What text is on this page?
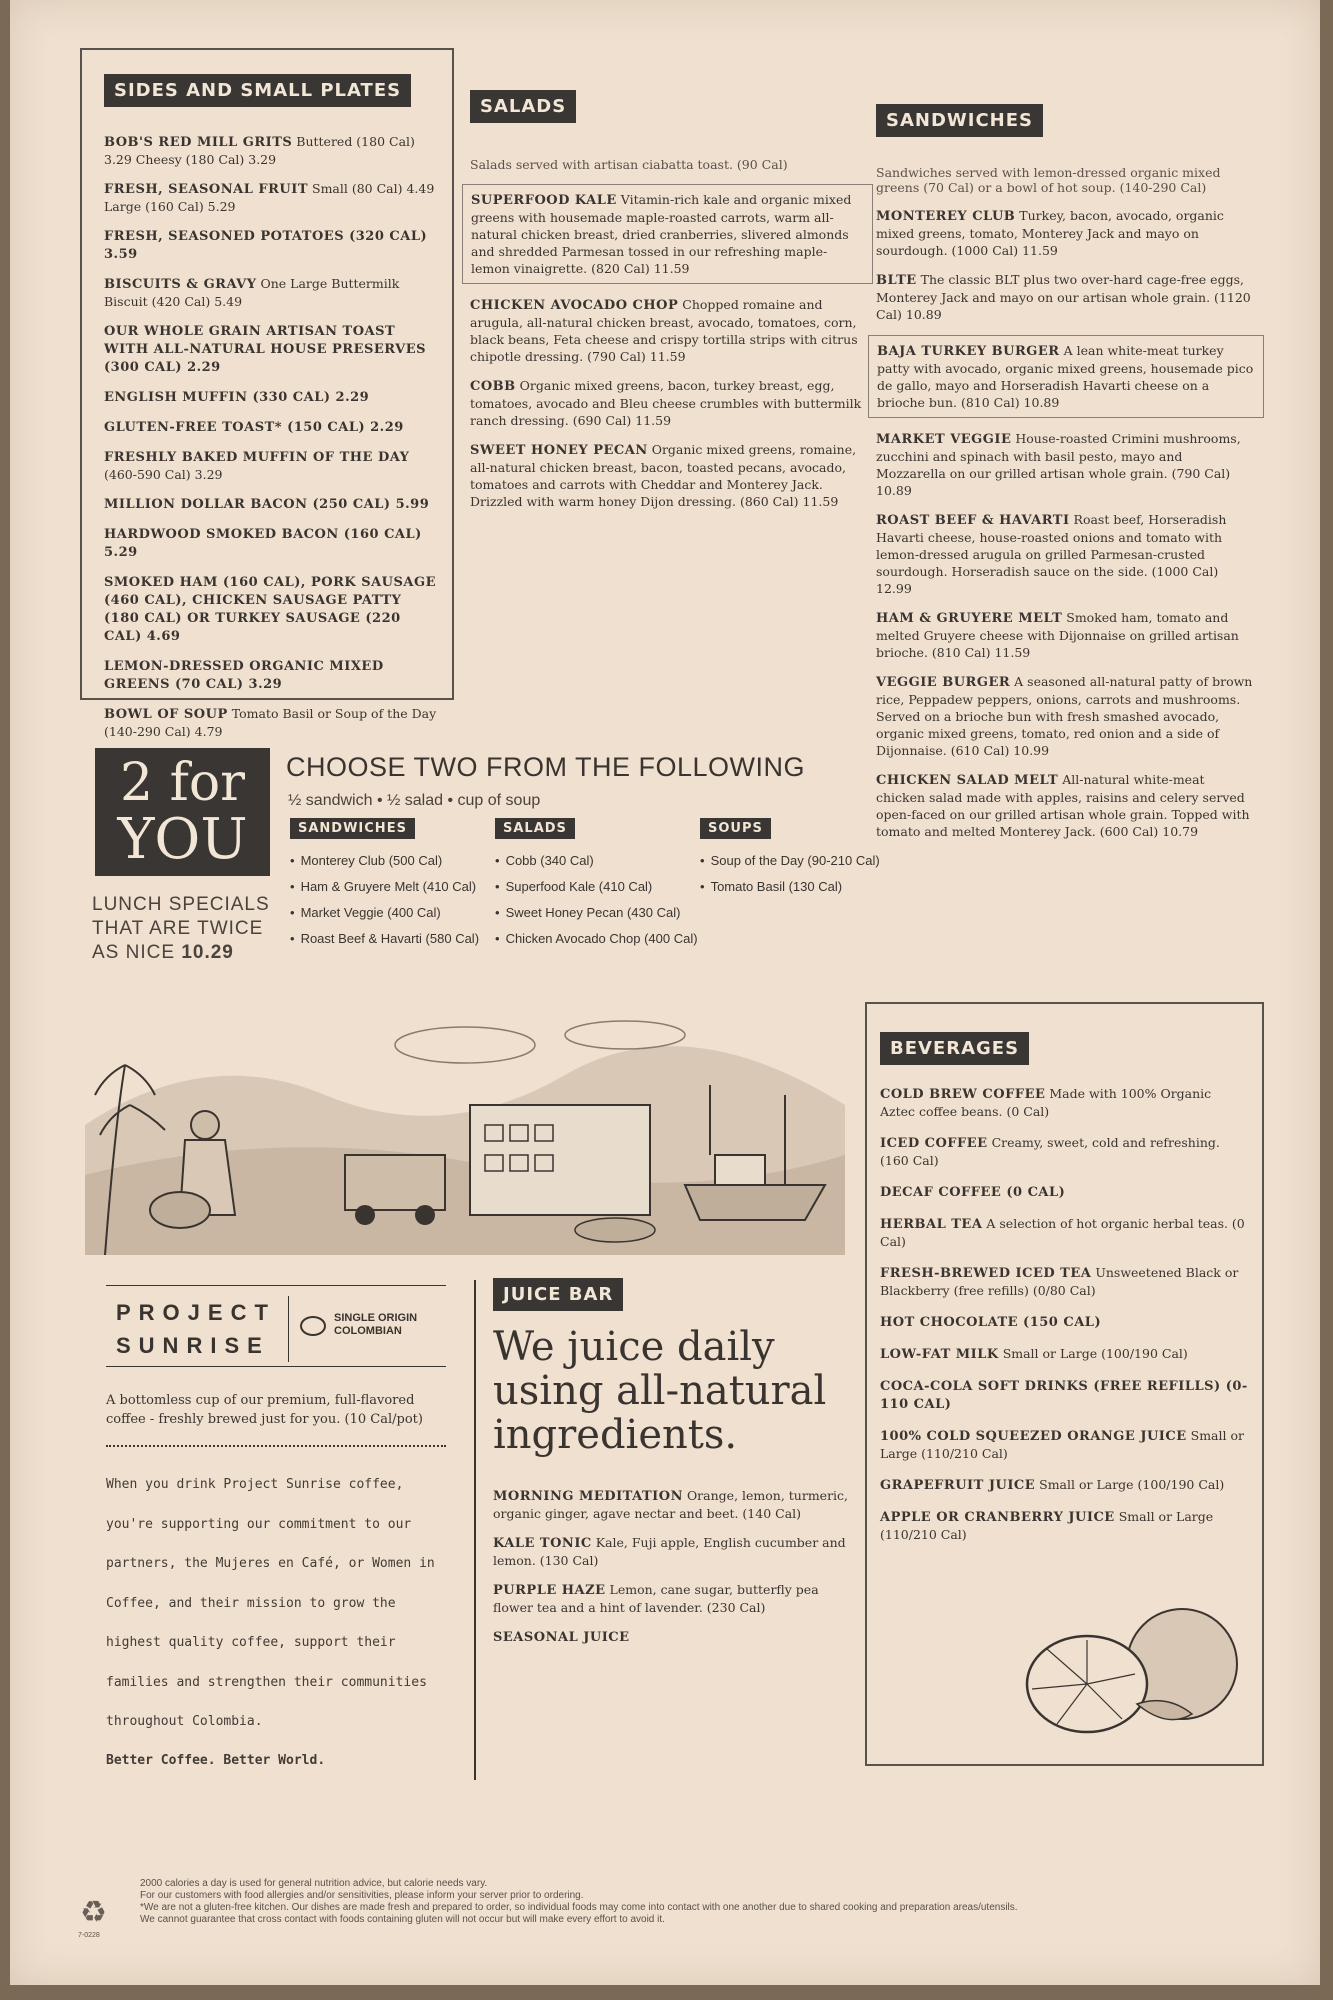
SIDES AND SMALL PLATES
BOB'S RED MILL GRITS Buttered (180 Cal) 3.29 Cheesy (180 Cal) 3.29
FRESH, SEASONAL FRUIT Small (80 Cal) 4.49 Large (160 Cal) 5.29
FRESH, SEASONED POTATOES (320 CAL) 3.59
BISCUITS & GRAVY One Large Buttermilk Biscuit (420 Cal) 5.49
OUR WHOLE GRAIN ARTISAN TOAST WITH ALL-NATURAL HOUSE PRESERVES (300 CAL) 2.29
ENGLISH MUFFIN (330 CAL) 2.29
GLUTEN-FREE TOAST* (150 CAL) 2.29
FRESHLY BAKED MUFFIN OF THE DAY (460-590 Cal) 3.29
MILLION DOLLAR BACON (250 CAL) 5.99
HARDWOOD SMOKED BACON (160 CAL) 5.29
SMOKED HAM (160 CAL), PORK SAUSAGE (460 CAL), CHICKEN SAUSAGE PATTY (180 CAL) OR TURKEY SAUSAGE (220 CAL) 4.69
LEMON-DRESSED ORGANIC MIXED GREENS (70 CAL) 3.29
BOWL OF SOUP Tomato Basil or Soup of the Day (140-290 Cal) 4.79
SALADS

Salads served with artisan ciabatta toast. (90 Cal)

SUPERFOOD KALE Vitamin-rich kale and organic mixed greens with housemade maple-roasted carrots, warm all-natural chicken breast, dried cranberries, slivered almonds and shredded Parmesan tossed in our refreshing maple-lemon vinaigrette. (820 Cal) 11.59
CHICKEN AVOCADO CHOP Chopped romaine and arugula, all-natural chicken breast, avocado, tomatoes, corn, black beans, Feta cheese and crispy tortilla strips with citrus chipotle dressing. (790 Cal) 11.59
COBB Organic mixed greens, bacon, turkey breast, egg, tomatoes, avocado and Bleu cheese crumbles with buttermilk ranch dressing. (690 Cal) 11.59
SWEET HONEY PECAN Organic mixed greens, romaine, all-natural chicken breast, bacon, toasted pecans, avocado, tomatoes and carrots with Cheddar and Monterey Jack. Drizzled with warm honey Dijon dressing. (860 Cal) 11.59
SANDWICHES

Sandwiches served with lemon-dressed organic mixed greens (70 Cal) or a bowl of hot soup. (140-290 Cal)

MONTEREY CLUB Turkey, bacon, avocado, organic mixed greens, tomato, Monterey Jack and mayo on sourdough. (1000 Cal) 11.59
BLTE The classic BLT plus two over-hard cage-free eggs, Monterey Jack and mayo on our artisan whole grain. (1120 Cal) 10.89
BAJA TURKEY BURGER A lean white-meat turkey patty with avocado, organic mixed greens, housemade pico de gallo, mayo and Horseradish Havarti cheese on a brioche bun. (810 Cal) 10.89
MARKET VEGGIE House-roasted Crimini mushrooms, zucchini and spinach with basil pesto, mayo and Mozzarella on our grilled artisan whole grain. (790 Cal) 10.89
ROAST BEEF & HAVARTI Roast beef, Horseradish Havarti cheese, house-roasted onions and tomato with lemon-dressed arugula on grilled Parmesan-crusted sourdough. Horseradish sauce on the side. (1000 Cal) 12.99
HAM & GRUYERE MELT Smoked ham, tomato and melted Gruyere cheese with Dijonnaise on grilled artisan brioche. (810 Cal) 11.59
VEGGIE BURGER A seasoned all-natural patty of brown rice, Peppadew peppers, onions, carrots and mushrooms. Served on a brioche bun with fresh smashed avocado, organic mixed greens, tomato, red onion and a side of Dijonnaise. (610 Cal) 10.99
CHICKEN SALAD MELT All-natural white-meat chicken salad made with apples, raisins and celery served open-faced on our grilled artisan whole grain. Topped with tomato and melted Monterey Jack. (600 Cal) 10.79
2 for
YOU
LUNCH SPECIALS
THAT ARE TWICE
AS NICE 10.29
CHOOSE TWO FROM THE FOLLOWING
½ sandwich • ½ salad • cup of soup
SANDWICHES
• Monterey Club (500 Cal)
• Ham & Gruyere Melt (410 Cal)
• Market Veggie (400 Cal)
• Roast Beef & Havarti (580 Cal)
SALADS
• Cobb (340 Cal)
• Superfood Kale (410 Cal)
• Sweet Honey Pecan (430 Cal)
• Chicken Avocado Chop (400 Cal)
SOUPS
• Soup of the Day (90-210 Cal)
• Tomato Basil (130 Cal)
PROJECT
SUNRISE
SINGLE ORIGIN
COLOMBIAN

A bottomless cup of our premium, full-flavored coffee - freshly brewed just for you. (10 Cal/pot)

When you drink Project Sunrise coffee, you're supporting our commitment to our partners, the Mujeres en Café, or Women in Coffee, and their mission to grow the highest quality coffee, support their families and strengthen their communities throughout Colombia.

Better Coffee. Better World.

JUICE BAR
We juice daily using all-natural ingredients.
MORNING MEDITATION Orange, lemon, turmeric, organic ginger, agave nectar and beet. (140 Cal)
KALE TONIC Kale, Fuji apple, English cucumber and lemon. (130 Cal)
PURPLE HAZE Lemon, cane sugar, butterfly pea flower tea and a hint of lavender. (230 Cal)
SEASONAL JUICE
BEVERAGES
COLD BREW COFFEE Made with 100% Organic Aztec coffee beans. (0 Cal)
ICED COFFEE Creamy, sweet, cold and refreshing. (160 Cal)
DECAF COFFEE (0 CAL)
HERBAL TEA A selection of hot organic herbal teas. (0 Cal)
FRESH-BREWED ICED TEA Unsweetened Black or Blackberry (free refills) (0/80 Cal)
HOT CHOCOLATE (150 CAL)
LOW-FAT MILK Small or Large (100/190 Cal)
COCA-COLA SOFT DRINKS (FREE REFILLS) (0-110 CAL)
100% COLD SQUEEZED ORANGE JUICE Small or Large (110/210 Cal)
GRAPEFRUIT JUICE Small or Large (100/190 Cal)
APPLE OR CRANBERRY JUICE Small or Large (110/210 Cal)
♻
7-0228
2000 calories a day is used for general nutrition advice, but calorie needs vary.
For our customers with food allergies and/or sensitivities, please inform your server prior to ordering.
*We are not a gluten-free kitchen. Our dishes are made fresh and prepared to order, so individual foods may come into contact with one another due to shared cooking and preparation areas/utensils.
We cannot guarantee that cross contact with foods containing gluten will not occur but will make every effort to avoid it.
